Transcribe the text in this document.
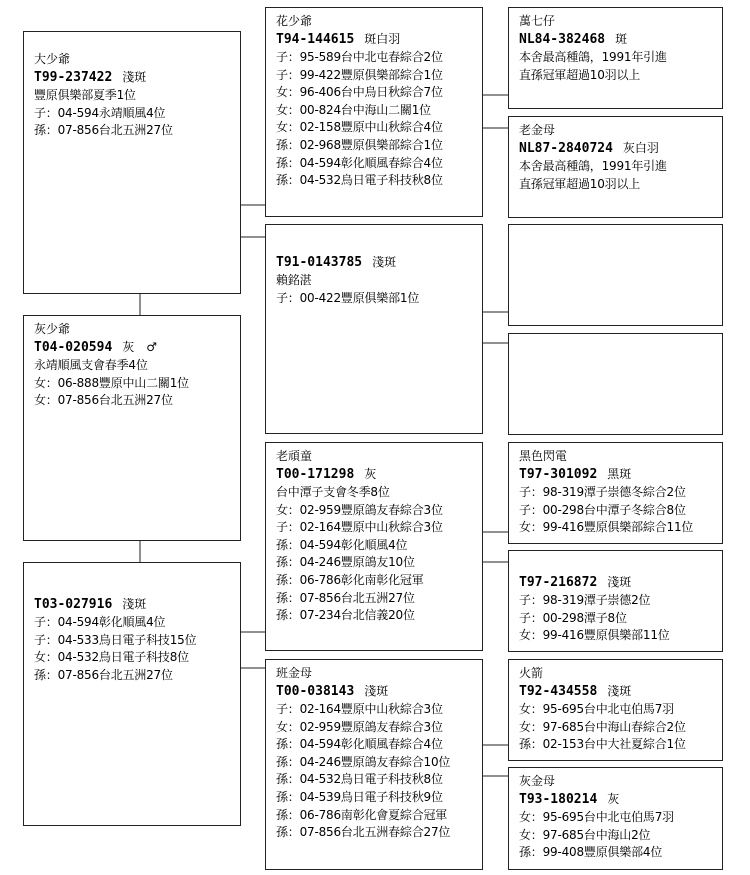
大少爺
T99-237422 淺斑
豐原俱樂部夏季1位
子：04-594永靖順風4位
孫：07-856台北五洲27位
灰少爺
T04-020594 灰　♂
永靖順風支會春季4位
女：06-888豐原中山二關1位
女：07-856台北五洲27位
T03-027916 淺斑
子：04-594彰化順風4位
子：04-533烏日電子科技15位
女：04-532烏日電子科技8位
孫：07-856台北五洲27位
花少爺
T94-144615 斑白羽
子：95-589台中北屯春綜合2位
子：99-422豐原俱樂部綜合1位
女：96-406台中烏日秋綜合7位
女：00-824台中海山二關1位
女：02-158豐原中山秋綜合4位
孫：02-968豐原俱樂部綜合1位
孫：04-594彰化順風春綜合4位
孫：04-532烏日電子科技秋8位
T91-0143785 淺斑
賴銘湛
子：00-422豐原俱樂部1位
老頑童
T00-171298 灰
台中潭子支會冬季8位
女：02-959豐原鴿友春綜合3位
子：02-164豐原中山秋綜合3位
孫：04-594彰化順風4位
孫：04-246豐原鴿友10位
孫：06-786彰化南彰化冠軍
孫：07-856台北五洲27位
孫：07-234台北信義20位
班金母
T00-038143 淺斑
子：02-164豐原中山秋綜合3位
女：02-959豐原鴿友春綜合3位
孫：04-594彰化順風春綜合4位
孫：04-246豐原鴿友春綜合10位
孫：04-532烏日電子科技秋8位
孫：04-539烏日電子科技秋9位
孫：06-786南彰化會夏綜合冠軍
孫：07-856台北五洲春綜合27位
萬七仔
NL84-382468 斑
本舍最高種鴿，1991年引進
直孫冠軍超過10羽以上
老金母
NL87-2840724 灰白羽
本舍最高種鴿，1991年引進
直孫冠軍超過10羽以上
黑色閃電
T97-301092 黑斑
子：98-319潭子崇德冬綜合2位
子：00-298台中潭子冬綜合8位
女：99-416豐原俱樂部綜合11位
T97-216872 淺斑
子：98-319潭子崇德2位
子：00-298潭子8位
女：99-416豐原俱樂部11位
火箭
T92-434558 淺斑
女：95-695台中北屯伯馬7羽
女：97-685台中海山春綜合2位
孫：02-153台中大社夏綜合1位
灰金母
T93-180214 灰
女：95-695台中北屯伯馬7羽
女：97-685台中海山2位
孫：99-408豐原俱樂部4位
